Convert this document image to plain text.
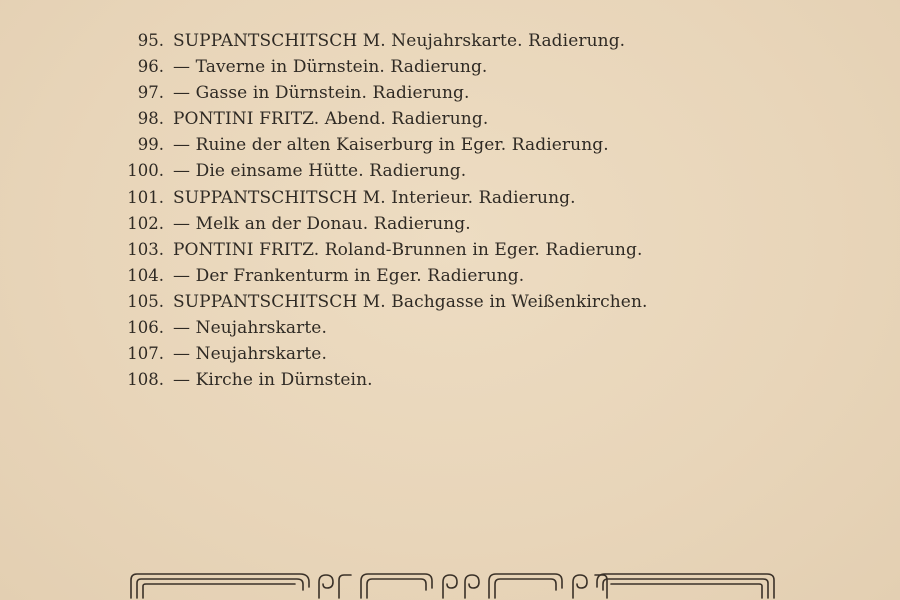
95. SUPPANTSCHITSCH M. Neujahrskarte. Radierung.
96. — Taverne in Dürnstein. Radierung.
97. — Gasse in Dürnstein. Radierung.
98. PONTINI FRITZ. Abend. Radierung.
99. — Ruine der alten Kaiserburg in Eger. Radierung.
100. — Die einsame Hütte. Radierung.
101. SUPPANTSCHITSCH M. Interieur. Radierung.
102. — Melk an der Donau. Radierung.
103. PONTINI FRITZ. Roland-Brunnen in Eger. Radierung.
104. — Der Frankenturm in Eger. Radierung.
105. SUPPANTSCHITSCH M. Bachgasse in Weißenkirchen.
106. — Neujahrskarte.
107. — Neujahrskarte.
108. — Kirche in Dürnstein.
